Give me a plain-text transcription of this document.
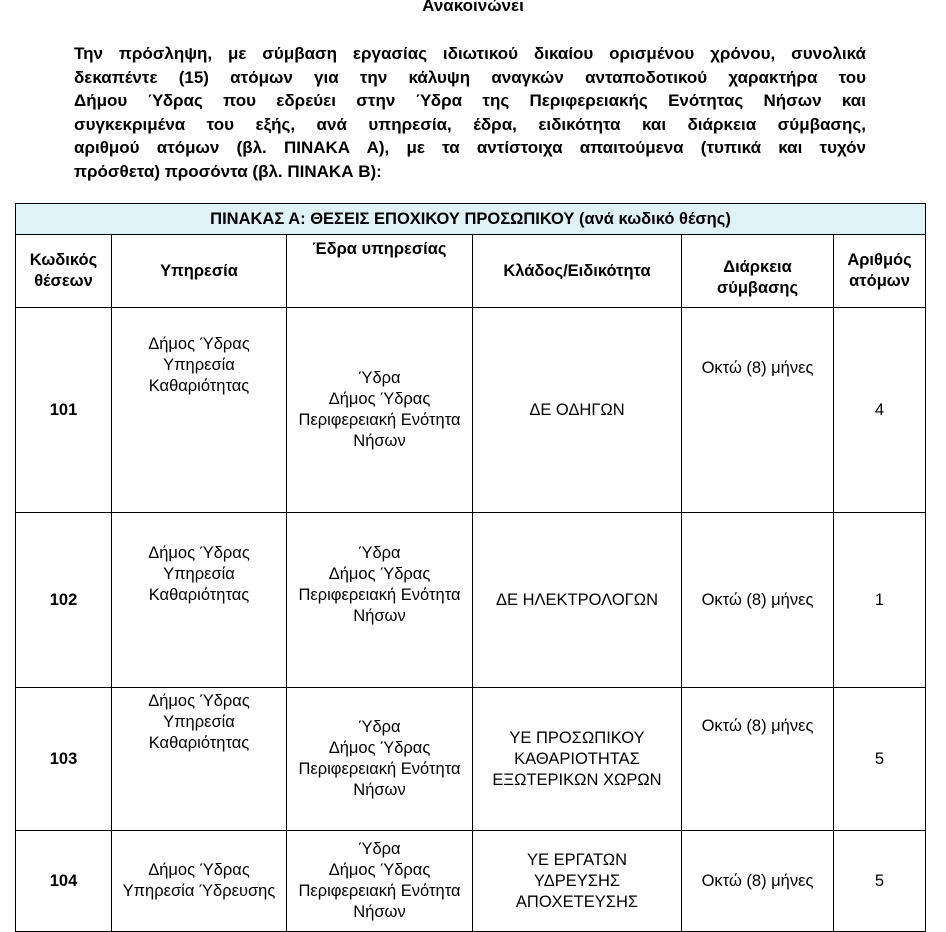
Ανακοινώνει
Την πρόσληψη, με σύμβαση εργασίας ιδιωτικού δικαίου ορισμένου χρόνου, συνολικά
δεκαπέντε (15) ατόμων για την κάλυψη αναγκών ανταποδοτικού χαρακτήρα του
Δήμου Ύδρας που εδρεύει στην Ύδρα της Περιφερειακής Ενότητας Νήσων και
συγκεκριμένα του εξής, ανά υπηρεσία, έδρα, ειδικότητα και διάρκεια σύμβασης,
αριθμού ατόμων (βλ. ΠΙΝΑΚΑ Α), με τα αντίστοιχα απαιτούμενα (τυπικά και τυχόν
πρόσθετα) προσόντα (βλ. ΠΙΝΑΚΑ Β):
ΠΙΝΑΚΑΣ Α: ΘΕΣΕΙΣ ΕΠΟΧΙΚΟΥ ΠΡΟΣΩΠΙΚΟΥ (ανά κωδικό θέσης)					

Κωδικός
θέσεων	Υπηρεσία	Έδρα υπηρεσίας	Κλάδος/Ειδικότητα	Διάρκεια
σύμβασης	Αριθμός
ατόμων

101	Δήμος Ύδρας
Υπηρεσία
Καθαριότητας	Ύδρα
Δήμος Ύδρας
Περιφερειακή Ενότητα
Νήσων	ΔΕ ΟΔΗΓΩΝ	Οκτώ (8) μήνες	4
102	Δήμος Ύδρας
Υπηρεσία
Καθαριότητας	Ύδρα
Δήμος Ύδρας
Περιφερειακή Ενότητα
Νήσων	ΔΕ ΗΛΕΚΤΡΟΛΟΓΩΝ	Οκτώ (8) μήνες	1
103	Δήμος Ύδρας
Υπηρεσία
Καθαριότητας	Ύδρα
Δήμος Ύδρας
Περιφερειακή Ενότητα
Νήσων	ΥΕ ΠΡΟΣΩΠΙΚΟΥ
ΚΑΘΑΡΙΟΤΗΤΑΣ
ΕΞΩΤΕΡΙΚΩΝ ΧΩΡΩΝ	Οκτώ (8) μήνες	5
104	Δήμος Ύδρας
Υπηρεσία Ύδρευσης	Ύδρα
Δήμος Ύδρας
Περιφερειακή Ενότητα
Νήσων	ΥΕ ΕΡΓΑΤΩΝ
ΥΔΡΕΥΣΗΣ
ΑΠΟΧΕΤΕΥΣΗΣ	Οκτώ (8) μήνες	5
